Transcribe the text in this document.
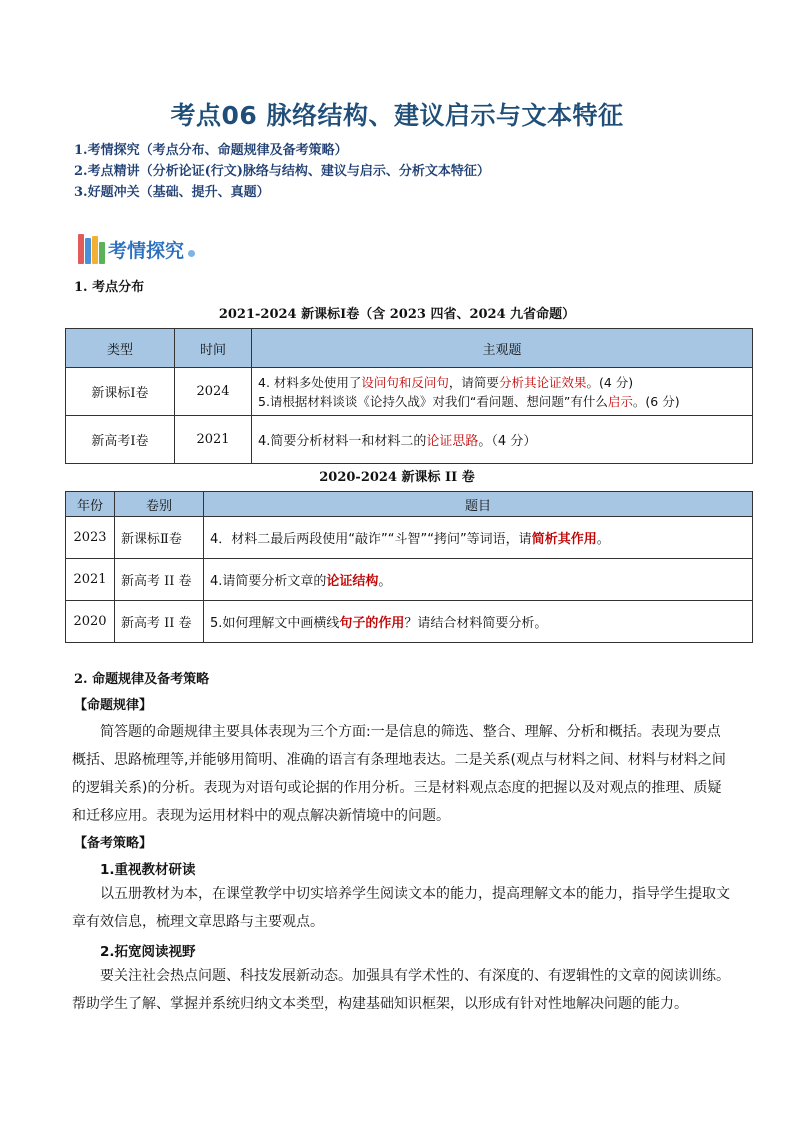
考点06 脉络结构、建议启示与文本特征
1.考情探究（考点分布、命题规律及备考策略）
2.考点精讲（分析论证(行文)脉络与结构、建议与启示、分析文本特征）
3.好题冲关（基础、提升、真题）
考情探究
1. 考点分布
2021-2024 新课标Ⅰ卷（含 2023 四省、2024 九省命题）
类型	时间	主观题
新课标Ⅰ卷	2024	4. 材料多处使用了设问句和反问句，请简要分析其论证效果。(4 分)
5.请根据材料谈谈《论持久战》对我们“看问题、想问题”有什么启示。(6 分)

新高考Ⅰ卷	2021	4.简要分析材料一和材料二的论证思路。（4 分）
2020-2024 新课标 II 卷
年份	卷别	题目
2023	新课标Ⅱ卷	4．材料二最后两段使用“敲诈”“斗智”“拷问”等词语，请简析其作用。
2021	新高考 II 卷	4.请简要分析文章的论证结构。
2020	新高考 II 卷	5.如何理解文中画横线句子的作用？请结合材料简要分析。
2. 命题规律及备考策略
【命题规律】

简答题的命题规律主要具体表现为三个方面:一是信息的筛选、整合、理解、分析和概括。表现为要点概括、思路梳理等,并能够用简明、准确的语言有条理地表达。二是关系(观点与材料之间、材料与材料之间的逻辑关系)的分析。表现为对语句或论据的作用分析。三是材料观点态度的把握以及对观点的推理、质疑和迁移应用。表现为运用材料中的观点解决新情境中的问题。

【备考策略】
1.重视教材研读

以五册教材为本，在课堂教学中切实培养学生阅读文本的能力，提高理解文本的能力，指导学生提取文章有效信息，梳理文章思路与主要观点。

2.拓宽阅读视野

要关注社会热点问题、科技发展新动态。加强具有学术性的、有深度的、有逻辑性的文章的阅读训练。帮助学生了解、掌握并系统归纳文本类型，构建基础知识框架，以形成有针对性地解决问题的能力。
